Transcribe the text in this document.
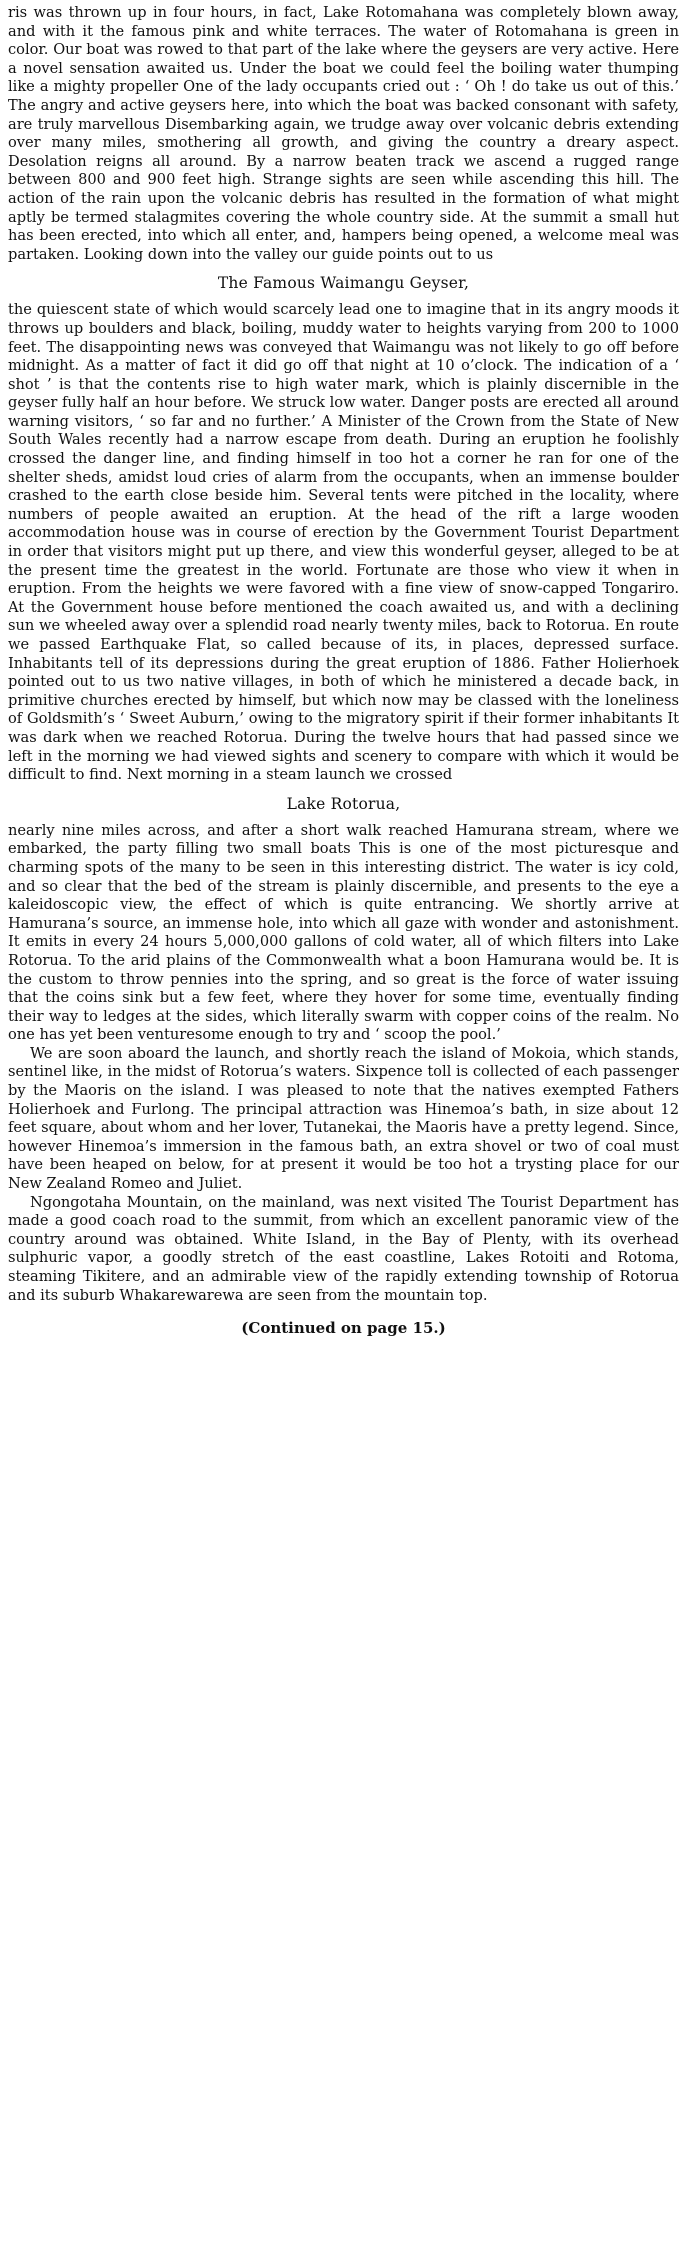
ris was thrown up in four hours, in fact, Lake Rotomahana was completely blown away, and with it the famous pink and white terraces. The water of Rotomahana is green in color. Our boat was rowed to that part of the lake where the geysers are very active. Here a novel sensation awaited us. Under the boat we could feel the boiling water thumping like a mighty propeller One of the lady occupants cried out : ‘ Oh ! do take us out of this.’ The angry and active geysers here, into which the boat was backed consonant with safety, are truly marvellous Disembarking again, we trudge away over volcanic debris extending over many miles, smothering all growth, and giving the country a dreary aspect. Desolation reigns all around. By a narrow beaten track we ascend a rugged range between 800 and 900 feet high. Strange sights are seen while ascending this hill. The action of the rain upon the volcanic debris has resulted in the formation of what might aptly be termed stalagmites covering the whole country side. At the summit a small hut has been erected, into which all enter, and, hampers being opened, a welcome meal was partaken. Looking down into the valley our guide points out to us

The Famous Waimangu Geyser,

the quiescent state of which would scarcely lead one to imagine that in its angry moods it throws up boulders and black, boiling, muddy water to heights varying from 200 to 1000 feet. The disappointing news was conveyed that Waimangu was not likely to go off before midnight. As a matter of fact it did go off that night at 10 o’clock. The indication of a ‘ shot ’ is that the contents rise to high water mark, which is plainly discernible in the geyser fully half an hour before. We struck low water. Danger posts are erected all around warning visitors, ‘ so far and no further.’ A Minister of the Crown from the State of New South Wales recently had a narrow escape from death. During an eruption he foolishly crossed the danger line, and finding himself in too hot a corner he ran for one of the shelter sheds, amidst loud cries of alarm from the occupants, when an immense boulder crashed to the earth close beside him. Several tents were pitched in the locality, where numbers of people awaited an eruption. At the head of the rift a large wooden accommodation house was in course of erection by the Government Tourist Department in order that visitors might put up there, and view this wonderful geyser, alleged to be at the present time the greatest in the world. Fortunate are those who view it when in eruption. From the heights we were favored with a fine view of snow-capped Tongariro. At the Government house before mentioned the coach awaited us, and with a declining sun we wheeled away over a splendid road nearly twenty miles, back to Rotorua. En route we passed Earthquake Flat, so called because of its, in places, depressed surface. Inhabitants tell of its depressions during the great eruption of 1886. Father Holierhoek pointed out to us two native villages, in both of which he ministered a decade back, in primitive churches erected by himself, but which now may be classed with the loneliness of Goldsmith’s ‘ Sweet Auburn,’ owing to the migratory spirit if their former inhabitants It was dark when we reached Rotorua. During the twelve hours that had passed since we left in the morning we had viewed sights and scenery to compare with which it would be difficult to find. Next morning in a steam launch we crossed

Lake Rotorua,

nearly nine miles across, and after a short walk reached Hamurana stream, where we embarked, the party filling two small boats This is one of the most picturesque and charming spots of the many to be seen in this interesting district. The water is icy cold, and so clear that the bed of the stream is plainly discernible, and presents to the eye a kaleidoscopic view, the effect of which is quite entrancing. We shortly arrive at Hamurana’s source, an immense hole, into which all gaze with wonder and astonishment. It emits in every 24 hours 5,000,000 gallons of cold water, all of which filters into Lake Rotorua. To the arid plains of the Commonwealth what a boon Hamurana would be. It is the custom to throw pennies into the spring, and so great is the force of water issuing that the coins sink but a few feet, where they hover for some time, eventually finding their way to ledges at the sides, which literally swarm with copper coins of the realm. No one has yet been venturesome enough to try and ‘ scoop the pool.’

We are soon aboard the launch, and shortly reach the island of Mokoia, which stands, sentinel like, in the midst of Rotorua’s waters. Sixpence toll is collected of each passenger by the Maoris on the island. I was pleased to note that the natives exempted Fathers Holierhoek and Furlong. The principal attraction was Hinemoa’s bath, in size about 12 feet square, about whom and her lover, Tutanekai, the Maoris have a pretty legend. Since, however Hinemoa’s immersion in the famous bath, an extra shovel or two of coal must have been heaped on below, for at present it would be too hot a trysting place for our New Zealand Romeo and Juliet.

Ngongotaha Mountain, on the mainland, was next visited The Tourist Department has made a good coach road to the summit, from which an excellent panoramic view of the country around was obtained. White Island, in the Bay of Plenty, with its overhead sulphuric vapor, a goodly stretch of the east coastline, Lakes Rotoiti and Rotoma, steaming Tikitere, and an admirable view of the rapidly extending township of Rotorua and its suburb Whakarewarewa are seen from the mountain top.

(Continued on page 15.)
